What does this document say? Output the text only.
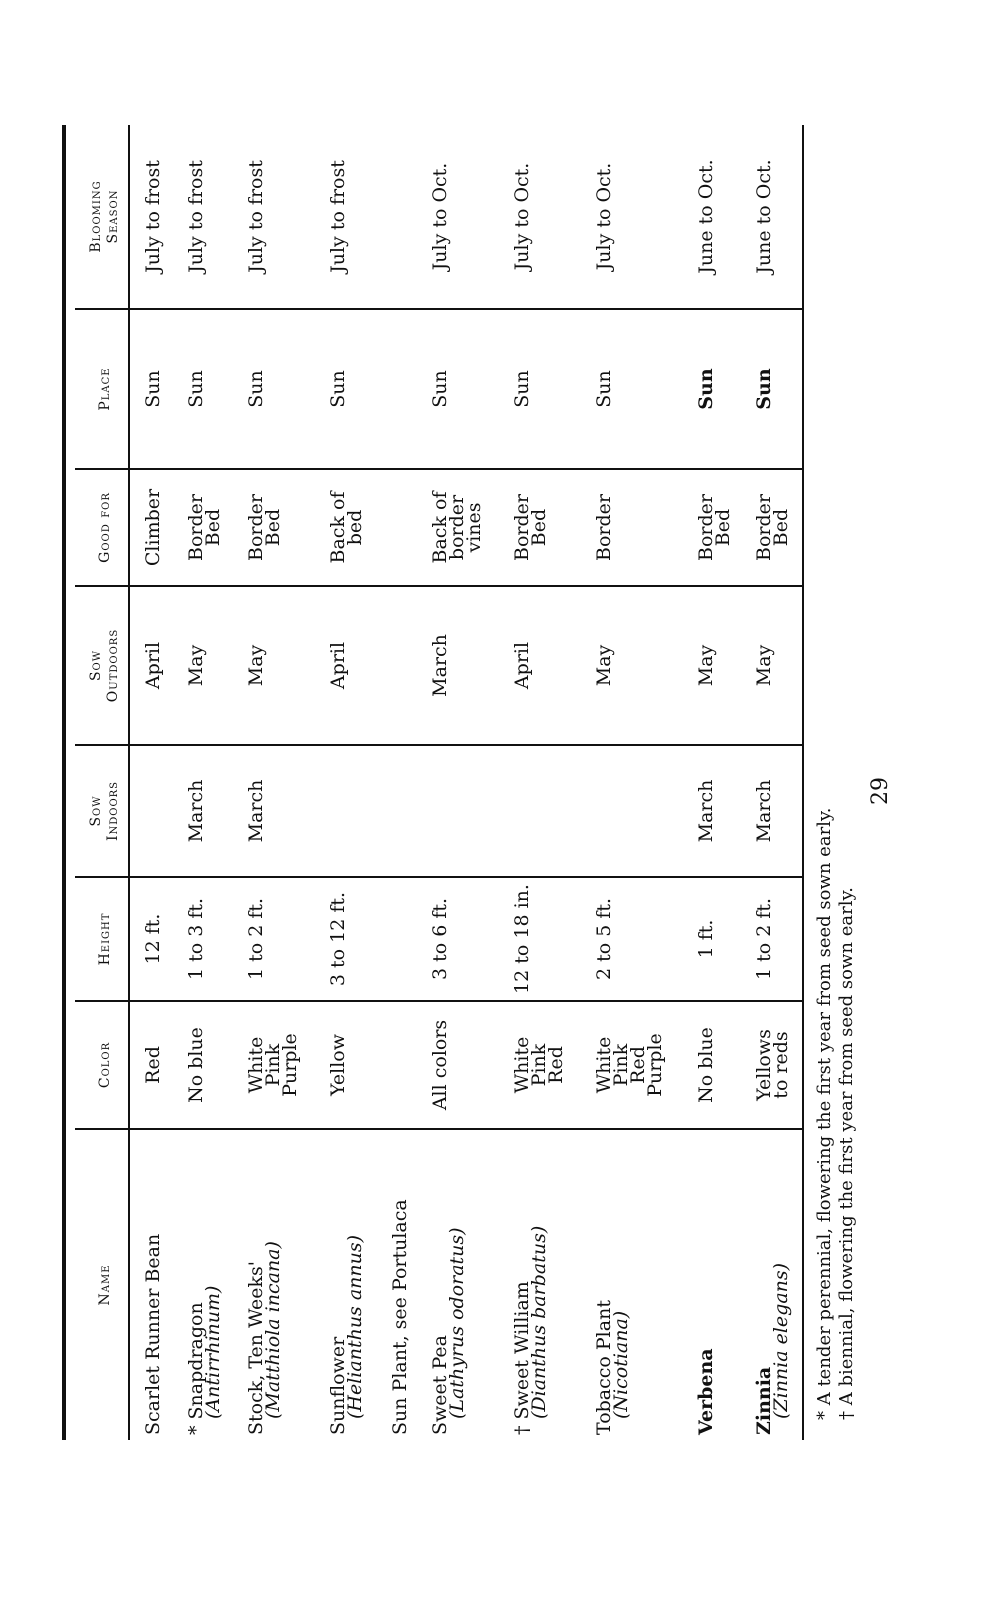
Name
Color
Height
Sow Indoors
Sow Outdoors
Good for
Place
Blooming Season
Scarlet Runner Bean
Red
12 ft.
April
Climber
Sun
July to frost
* Snapdragon
(Antirrhinum)
No blue
1 to 3 ft.
March
May
Border
Bed
Sun
July to frost
Stock, Ten Weeks'
(Matthiola incana)
White
Pink
Purple
1 to 2 ft.
March
May
Border
Bed
Sun
July to frost
Sunflower
(Helianthus annus)
Yellow
3 to 12 ft.
April
Back of
bed
Sun
July to frost
Sun Plant, see Portulaca Sweet Pea
(Lathyrus odoratus)
All colors
3 to 6 ft.
March
Back of
border
vines
Sun
July to Oct.
† Sweet William
(Dianthus barbatus)
White
Pink
Red
12 to 18 in.
April
Border
Bed
Sun
July to Oct.
Tobacco Plant
(Nicotiana)
White
Pink
Red
Purple
2 to 5 ft.
May
Border
Sun
July to Oct.
Verbena
No blue
1 ft.
March
May
Border
Bed
Sun
June to Oct.
Zinnia
(Zinnia elegans)
Yellows
to reds
1 to 2 ft.
March
May
Border
Bed
Sun
June to Oct.
* A tender perennial, flowering the first year from seed sown early. † A biennial, flowering the first year from seed sown early.
29
